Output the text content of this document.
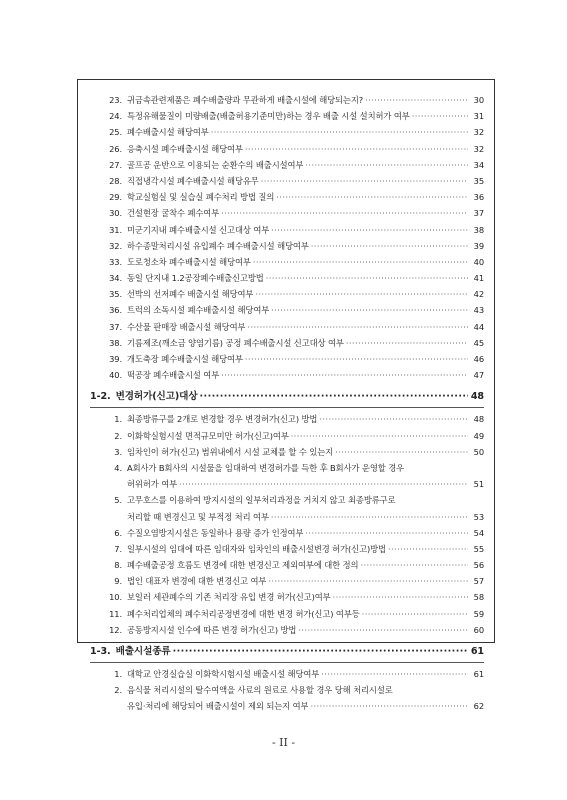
23. 귀금속관련제품은 폐수배출량과 무관하게 배출시설에 해당되는지? ·····	30
24. 특정유해물질이 미량배출(배출허용기준미만)하는 경우 배출 시설 설치허가 여부 ·····	31
25. 폐수배출시설 해당여부 ·····	32
26. 응축시설 폐수배출시설 해당여부 ·····	32
27. 골프공 운반으로 이용되는 순환수의 배출시설여부 ·····	34
28. 직접냉각시설 폐수배출시설 해당유무 ·····	35
29. 학교실험실 및 실습실 폐수처리 방법 질의 ·····	36
30. 건설현장 굴착수 폐수여부 ·····	37
31. 미군기지내 폐수배출시설 신고대상 여부 ·····	38
32. 하수종말처리시설 유입폐수 폐수배출시설 해당여부 ·····	39
33. 도로청소차 폐수배출시설 해당여부 ·····	40
34. 동일 단지내 1.2공장폐수배출신고방법 ·····	41
35. 선박의 선저폐수 배출시설 해당여부 ·····	42
36. 트럭의 소독시설 폐수배출시설 해당여부 ·····	43
37. 수산물 판매장 배출시설 해당여부 ·····	44
38. 기름제조(깨소금 양염기름) 공정 폐수배출시설 신고대상 여부 ·····	45
39. 개도축장 폐수배출시설 해당여부 ·····	46
40. 떡공장 폐수배출시설 여부 ·····	47
1-2. 변경허가(신고)대상 ·····	48
1. 최종방류구를 2개로 변경할 경우 변경허가(신고) 방법 ·····	48
2. 이화학실험시설 면적규모미만 허가(신고)여부 ·····	49
3. 임차인이 허가(신고) 범위내에서 시설 교체를 할 수 있는지 ·····	50
4. A회사가 B회사의 시설물을 임대하여 변경허가를 득한 후 B회사가 운영할 경우
허위허가 여부 ·····	51
5. 고무호스를 이용하여 방지시설의 일부처리과정을 거치지 않고 최종방류구로
처리할 때 변경신고 및 부적정 처리 여부 ·····	53
6. 수질오염방지시설은 동일하나 용량 증가 인정여부 ·····	54
7. 일부시설의 임대에 따른 임대자와 임차인의 배출시설변경 허가(신고)방법 ·····	55
8. 폐수배출공정 흐름도 변경에 대한 변경신고 제외여부에 대한 정의 ·····	56
9. 법인 대표자 변경에 대한 변경신고 여부 ·····	57
10. 보일러 세관폐수의 기존 처리장 유입 변경 허가(신고)여부 ·····	58
11. 폐수처리업체의 폐수처리공정변경에 대한 변경 허가(신고) 여부등 ·····	59
12. 공동방지시설 인수에 따른 변경 허가(신고) 방법 ·····	60
1-3. 배출시설종류 ·····	61
1. 대학교 안경실습실 이화학시험시설 배출시설 해당여부 ·····	61
2. 음식물 처리시설의 탈수여액을 사료의 원료로 사용할 경우 당해 처리시설로
유입·처리에 해당되어 배출시설이 제외 되는지 여부 ·····	62
- II -
